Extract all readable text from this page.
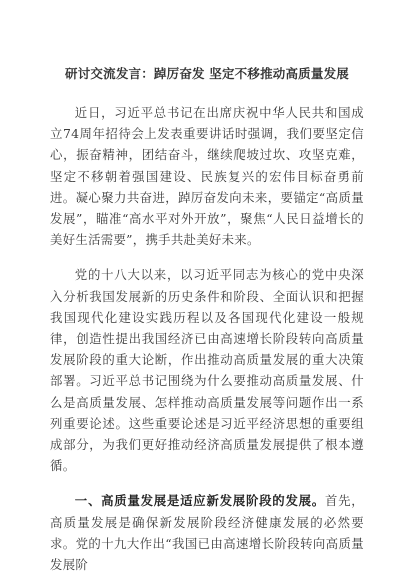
研讨交流发言：踔厉奋发 坚定不移推动高质量发展

近日，习近平总书记在出席庆祝中华人民共和国成立74周年招待会上发表重要讲话时强调，我们要坚定信心，振奋精神，团结奋斗，继续爬坡过坎、攻坚克难，坚定不移朝着强国建设、民族复兴的宏伟目标奋勇前进。凝心聚力共奋进，踔厉奋发向未来，要锚定“高质量发展”，瞄准“高水平对外开放”，聚焦“人民日益增长的美好生活需要”，携手共赴美好未来。

党的十八大以来，以习近平同志为核心的党中央深入分析我国发展新的历史条件和阶段、全面认识和把握我国现代化建设实践历程以及各国现代化建设一般规律，创造性提出我国经济已由高速增长阶段转向高质量发展阶段的重大论断，作出推动高质量发展的重大决策部署。习近平总书记围绕为什么要推动高质量发展、什么是高质量发展、怎样推动高质量发展等问题作出一系列重要论述。这些重要论述是习近平经济思想的重要组成部分，为我们更好推动经济高质量发展提供了根本遵循。

一、高质量发展是适应新发展阶段的发展。首先，高质量发展是确保新发展阶段经济健康发展的必然要求。党的十九大作出“我国已由高速增长阶段转向高质量发展阶
